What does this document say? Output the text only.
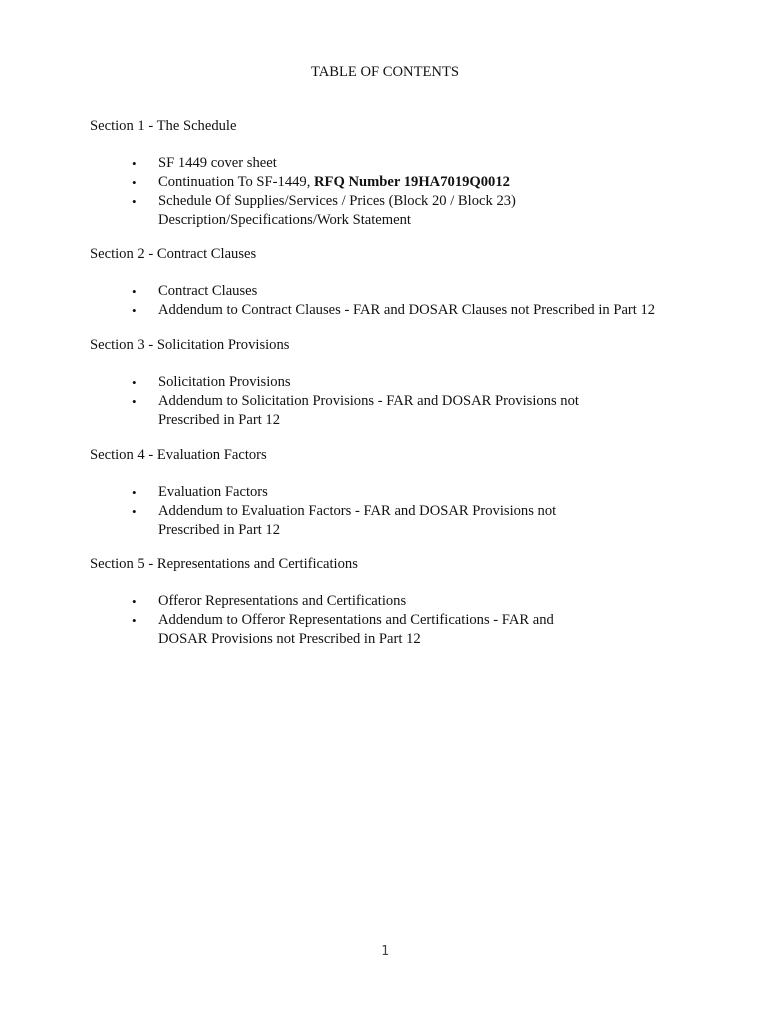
TABLE OF CONTENTS
Section 1 - The Schedule
• SF 1449 cover sheet
• Continuation To SF-1449, RFQ Number 19HA7019Q0012
• Schedule Of Supplies/Services / Prices (Block 20 / Block 23)
Description/Specifications/Work Statement
Section 2 - Contract Clauses
• Contract Clauses
• Addendum to Contract Clauses - FAR and DOSAR Clauses not Prescribed in Part 12
Section 3 - Solicitation Provisions
• Solicitation Provisions
• Addendum to Solicitation Provisions - FAR and DOSAR Provisions not Prescribed in Part 12
Section 4 - Evaluation Factors
• Evaluation Factors
• Addendum to Evaluation Factors - FAR and DOSAR Provisions not Prescribed in Part 12
Section 5 - Representations and Certifications
• Offeror Representations and Certifications
• Addendum to Offeror Representations and Certifications - FAR and DOSAR Provisions not Prescribed in Part 12
1
